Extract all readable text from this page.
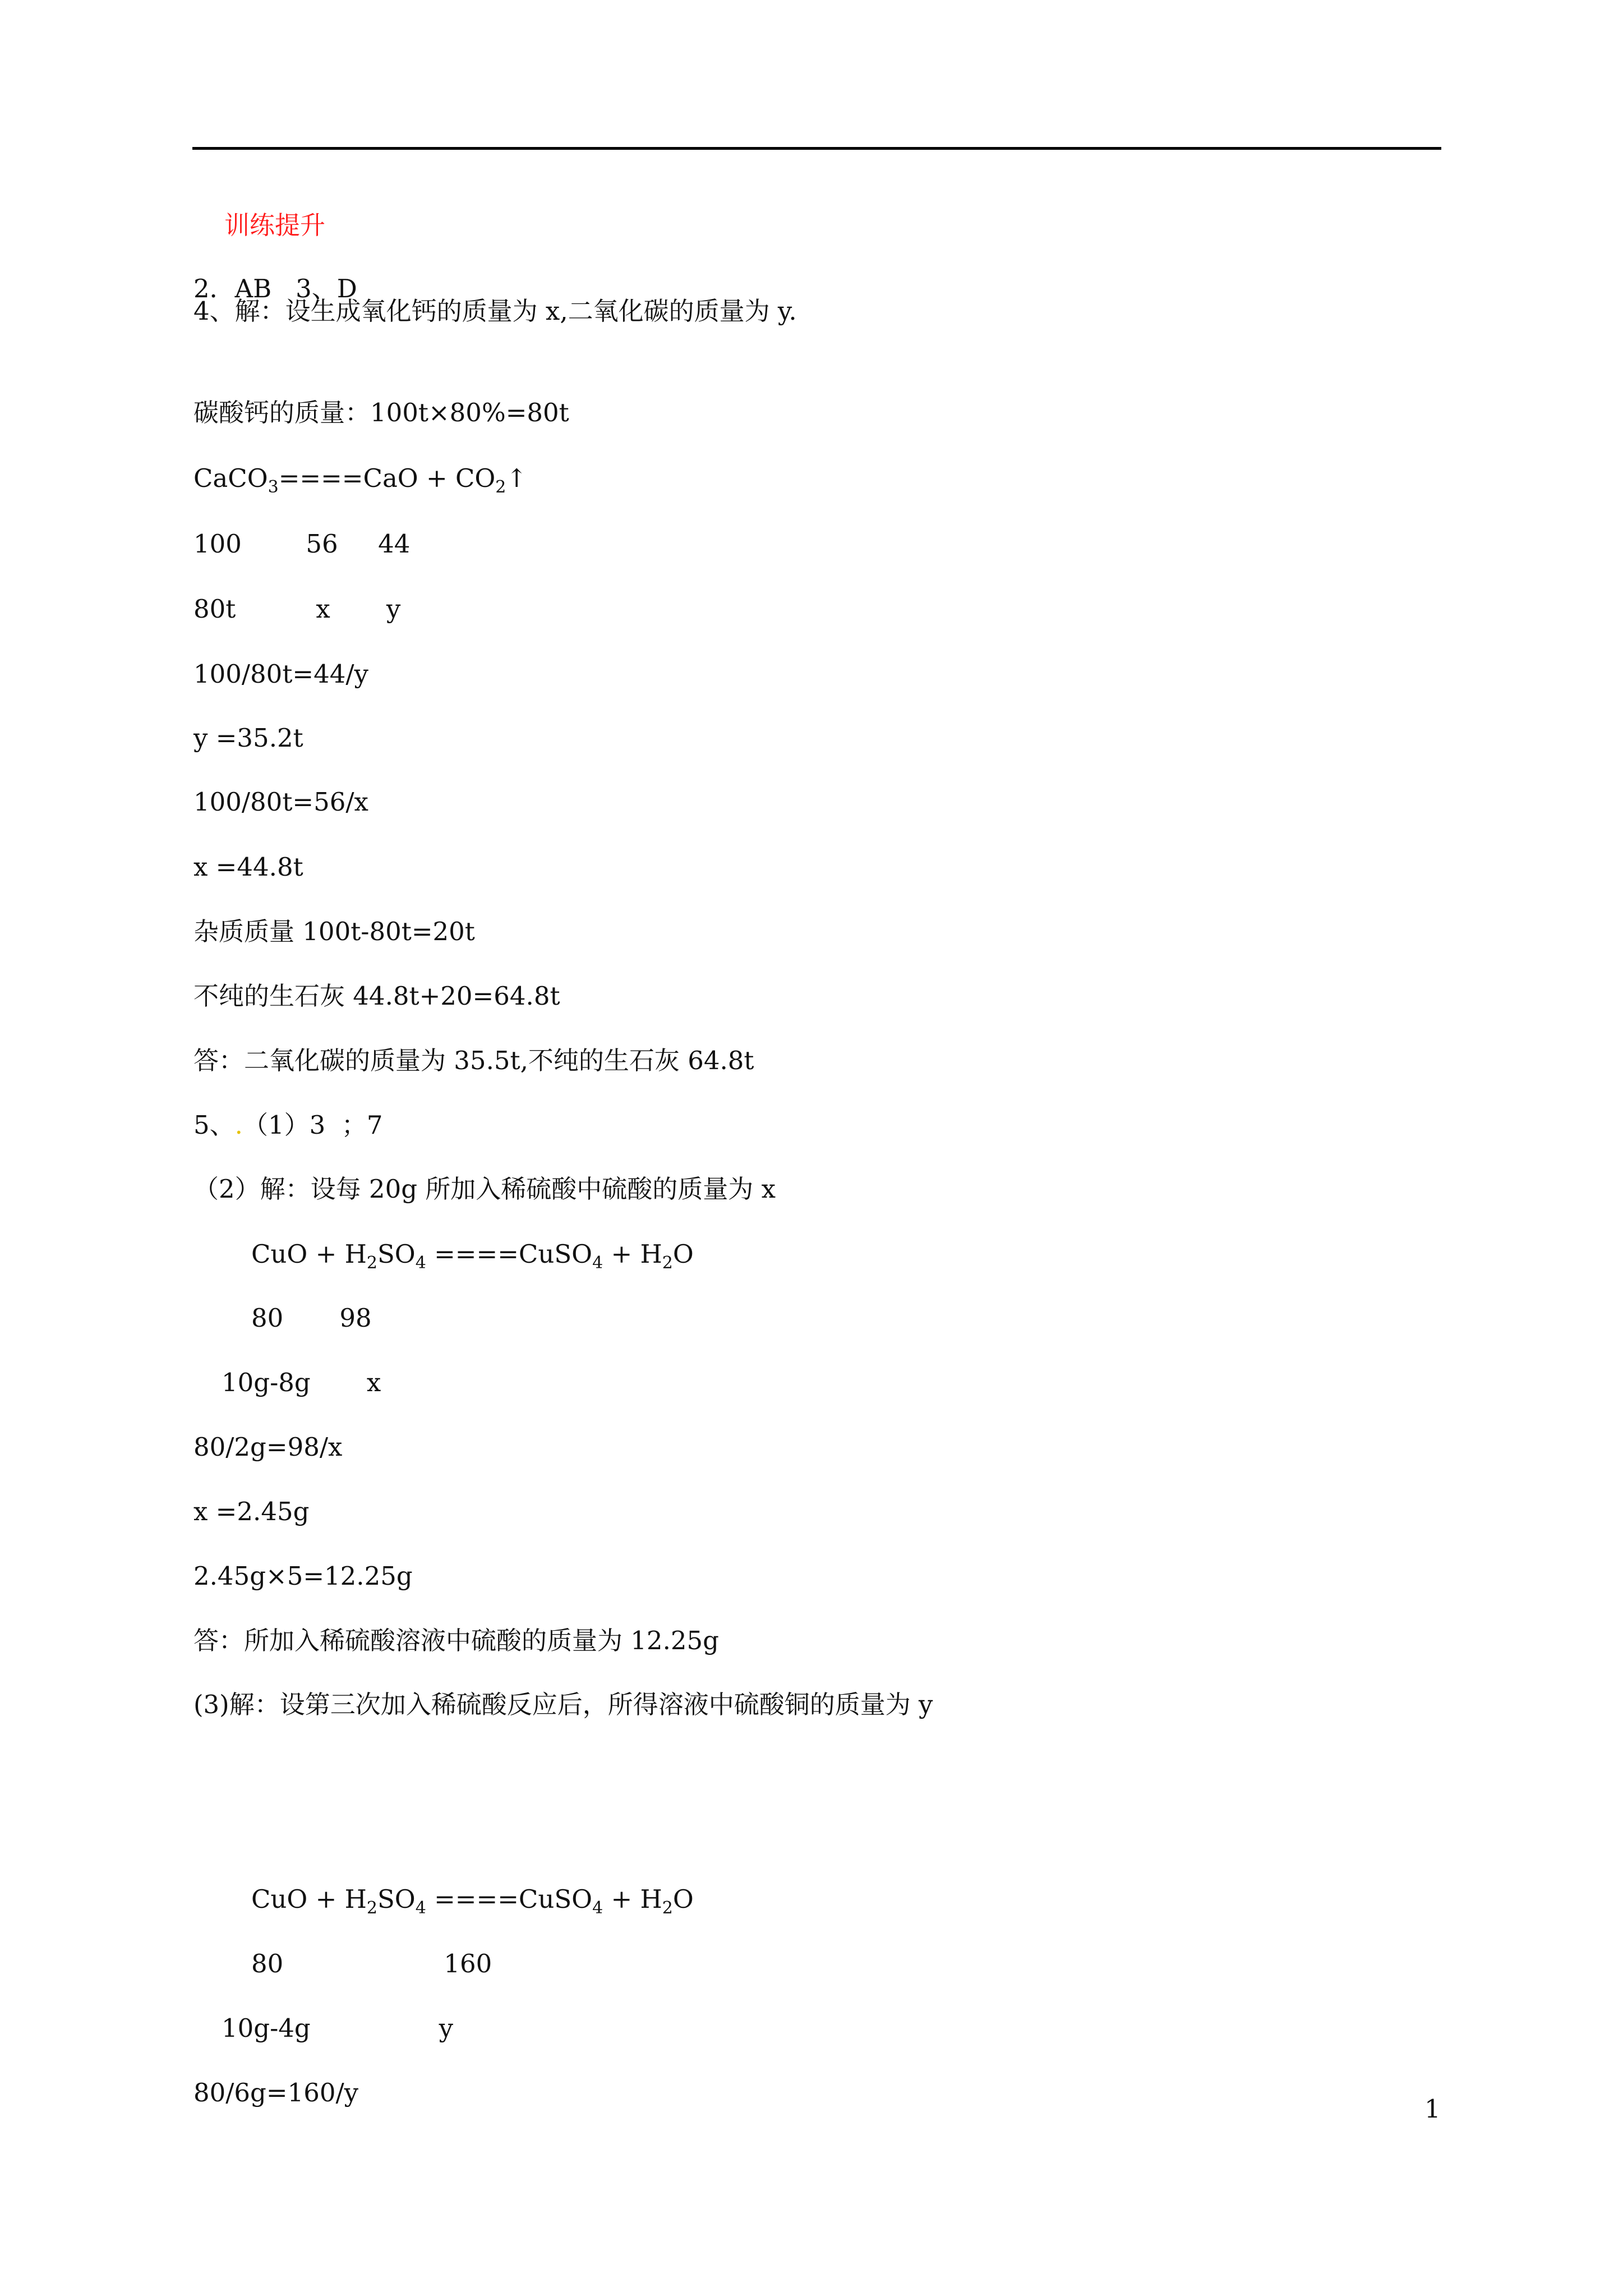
训练提升
2．AB   3、D
4、解：设生成氧化钙的质量为 x,二氧化碳的质量为 y.
碳酸钙的质量：100t×80%=80t
CaCO$_3$====CaO + $CO_2↑$
100        56     44
80t          x       y
100/80t=44/y
y =35.2t
100/80t=56/x
x =44.8t
杂质质量 100t-80t=20t
不纯的生石灰 44.8t+20=64.8t
答：二氧化碳的质量为 35.5t,不纯的生石灰 64.8t
5、.（1）3  ；7
（2）解：设每 20g 所加入稀硫酸中硫酸的质量为 x
CuO + $H_2SO_4$ ====CuSO$_4$ + $H_2O$
80       98
10g-8g       x
80/2g=98/x
x =2.45g
2.45g×5=12.25g
答：所加入稀硫酸溶液中硫酸的质量为 12.25g
(3)解：设第三次加入稀硫酸反应后，所得溶液中硫酸铜的质量为 y
CuO + $H_2SO_4$ ====CuSO$_4$ + $H_2O$
80                    160
10g-4g                y
80/6g=160/y
1
